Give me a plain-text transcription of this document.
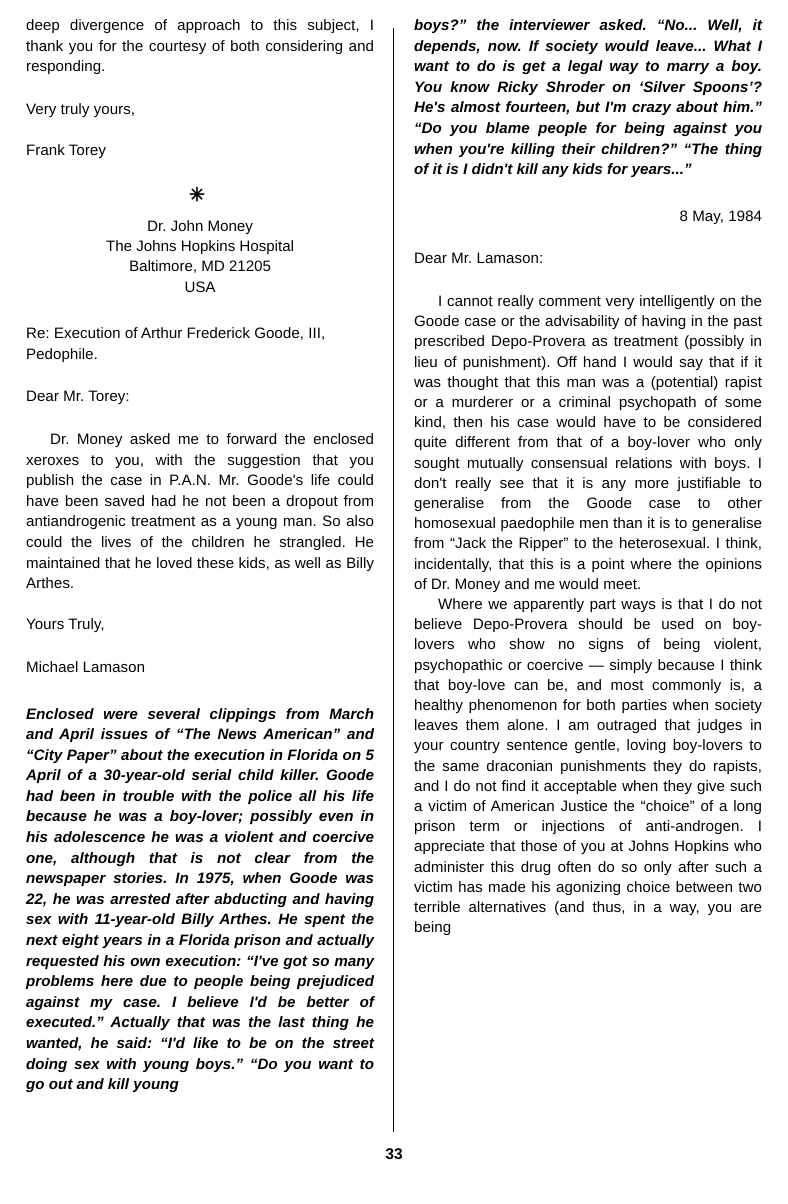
deep divergence of approach to this subject, I thank you for the courtesy of both considering and responding.

Very truly yours,

Frank Torey

✳
Dr. John Money
The Johns Hopkins Hospital
Baltimore, MD 21205
USA

Re: Execution of Arthur Frederick Goode, III, Pedophile.

Dear Mr. Torey:

Dr. Money asked me to forward the enclosed xeroxes to you, with the suggestion that you publish the case in P.A.N. Mr. Goode's life could have been saved had he not been a dropout from antiandrogenic treatment as a young man. So also could the lives of the children he strangled. He maintained that he loved these kids, as well as Billy Arthes.

Yours Truly,

Michael Lamason

Enclosed were several clippings from March and April issues of “The News American” and “City Paper” about the execution in Florida on 5 April of a 30-year-old serial child killer. Goode had been in trouble with the police all his life because he was a boy-lover; possibly even in his adolescence he was a violent and coercive one, although that is not clear from the newspaper stories. In 1975, when Goode was 22, he was arrested after abducting and having sex with 11-year-old Billy Arthes. He spent the next eight years in a Florida prison and actually requested his own execution: “I've got so many problems here due to people being prejudiced against my case. I believe I'd be better of executed.” Actually that was the last thing he wanted, he said: “I'd like to be on the street doing sex with young boys.” “Do you want to go out and kill young

boys?” the interviewer asked. “No... Well, it depends, now. If society would leave... What I want to do is get a legal way to marry a boy. You know Ricky Shroder on ‘Silver Spoons’? He's almost fourteen, but I'm crazy about him.” “Do you blame people for being against you when you're killing their children?” “The thing of it is I didn't kill any kids for years...”

8 May, 1984

Dear Mr. Lamason:

I cannot really comment very intelligently on the Goode case or the advisability of having in the past prescribed Depo-Provera as treatment (possibly in lieu of punishment). Off hand I would say that if it was thought that this man was a (potential) rapist or a murderer or a criminal psychopath of some kind, then his case would have to be considered quite different from that of a boy-lover who only sought mutually consensual relations with boys. I don't really see that it is any more justifiable to generalise from the Goode case to other homosexual paedophile men than it is to generalise from “Jack the Ripper” to the heterosexual. I think, incidentally, that this is a point where the opinions of Dr. Money and me would meet.

Where we apparently part ways is that I do not believe Depo-Provera should be used on boy-lovers who show no signs of being violent, psychopathic or coercive — simply because I think that boy-love can be, and most commonly is, a healthy phenomenon for both parties when society leaves them alone. I am outraged that judges in your country sentence gentle, loving boy-lovers to the same draconian punishments they do rapists, and I do not find it acceptable when they give such a victim of American Justice the “choice” of a long prison term or injections of anti-androgen. I appreciate that those of you at Johns Hopkins who administer this drug often do so only after such a victim has made his agonizing choice between two terrible alternatives (and thus, in a way, you are being

33
